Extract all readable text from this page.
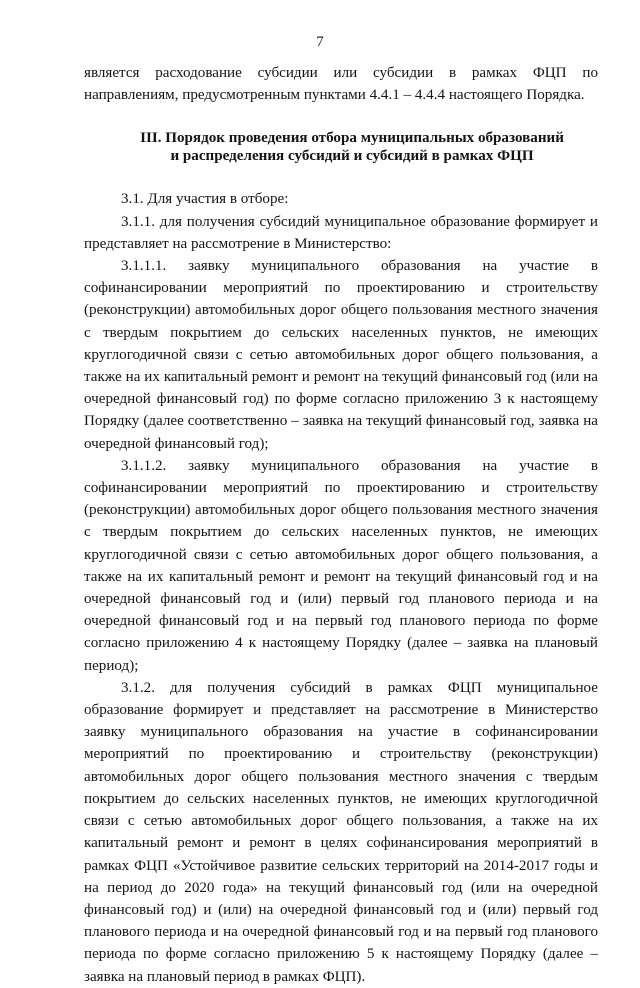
7

является расходование субсидии или субсидии в рамках ФЦП по направлениям, предусмотренным пунктами 4.4.1 – 4.4.4 настоящего Порядка.

III. Порядок проведения отбора муниципальных образований
и распределения субсидий и субсидий в рамках ФЦП

3.1. Для участия в отборе:

3.1.1. для получения субсидий муниципальное образование формирует и представляет на рассмотрение в Министерство:

3.1.1.1. заявку муниципального образования на участие в софинансировании мероприятий по проектированию и строительству (реконструкции) автомобильных дорог общего пользования местного значения с твердым покрытием до сельских населенных пунктов, не имеющих круглогодичной связи с сетью автомобильных дорог общего пользования, а также на их капитальный ремонт и ремонт на текущий финансовый год (или на очередной финансовый год) по форме согласно приложению 3 к настоящему Порядку (далее соответственно – заявка на текущий финансовый год, заявка на очередной финансовый год);

3.1.1.2. заявку муниципального образования на участие в софинансировании мероприятий по проектированию и строительству (реконструкции) автомобильных дорог общего пользования местного значения с твердым покрытием до сельских населенных пунктов, не имеющих круглогодичной связи с сетью автомобильных дорог общего пользования, а также на их капитальный ремонт и ремонт на текущий финансовый год и на очередной финансовый год и (или) первый год планового периода и на очередной финансовый год и на первый год планового периода по форме согласно приложению 4 к настоящему Порядку (далее – заявка на плановый период);

3.1.2. для получения субсидий в рамках ФЦП муниципальное образование формирует и представляет на рассмотрение в Министерство заявку муниципального образования на участие в софинансировании мероприятий по проектированию и строительству (реконструкции) автомобильных дорог общего пользования местного значения с твердым покрытием до сельских населенных пунктов, не имеющих круглогодичной связи с сетью автомобильных дорог общего пользования, а также на их капитальный ремонт и ремонт в целях софинансирования мероприятий в рамках ФЦП «Устойчивое развитие сельских территорий на 2014-2017 годы и на период до 2020 года» на текущий финансовый год (или на очередной финансовый год) и (или) на очередной финансовый год и (или) первый год планового периода и на очередной финансовый год и на первый год планового периода по форме согласно приложению 5 к настоящему Порядку (далее – заявка на плановый период в рамках ФЦП).
